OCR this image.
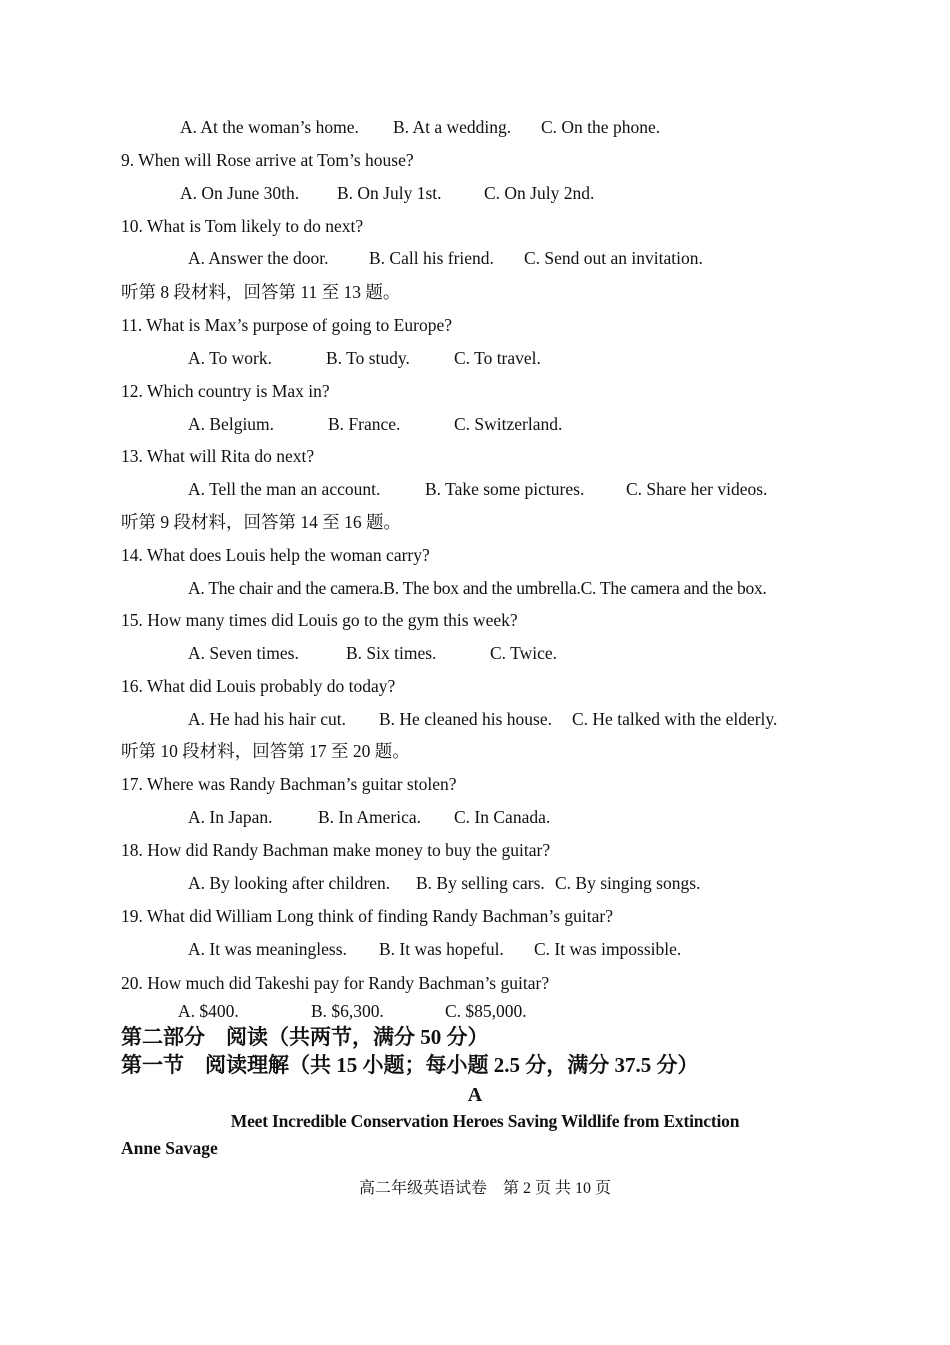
A. At the woman’s home. B. At a wedding. C. On the phone.
9. When will Rose arrive at Tom’s house?
A. On June 30th. B. On July 1st. C. On July 2nd.
10. What is Tom likely to do next?
A. Answer the door. B. Call his friend. C. Send out an invitation.
听第 8 段材料，回答第 11 至 13 题。
11. What is Max’s purpose of going to Europe?
A. To work.	B. To study.	C. To travel.
12. Which country is Max in?
A. Belgium.	B. France.	C. Switzerland.
13. What will Rita do next?
A. Tell the man an account.	B. Take some pictures. C. Share her videos.
听第 9 段材料，回答第 14 至 16 题。
14. What does Louis help the woman carry?
A. The chair and the camera.B. The box and the umbrella.C. The camera and the box.
15. How many times did Louis go to the gym this week?
A. Seven times.	B. Six times.	C. Twice.
16. What did Louis probably do today?
A. He had his hair cut. B. He cleaned his house. C. He talked with the elderly.
听第 10 段材料，回答第 17 至 20 题。
17. Where was Randy Bachman’s guitar stolen?
A. In Japan.	B. In America. C. In Canada.
18. How did Randy Bachman make money to buy the guitar?
A. By looking after children. B. By selling cars. C. By singing songs.
19. What did William Long think of finding Randy Bachman’s guitar?
A. It was meaningless. B. It was hopeful. C. It was impossible.
20. How much did Takeshi pay for Randy Bachman’s guitar?
A. $400.	B. $6,300.	C. $85,000.
第二部分　阅读（共两节，满分 50 分）
第一节　阅读理解（共 15 小题；每小题 2.5 分，满分 37.5 分）
A
Meet Incredible Conservation Heroes Saving Wildlife from Extinction
Anne Savage
高二年级英语试卷　第 2 页 共 10 页
